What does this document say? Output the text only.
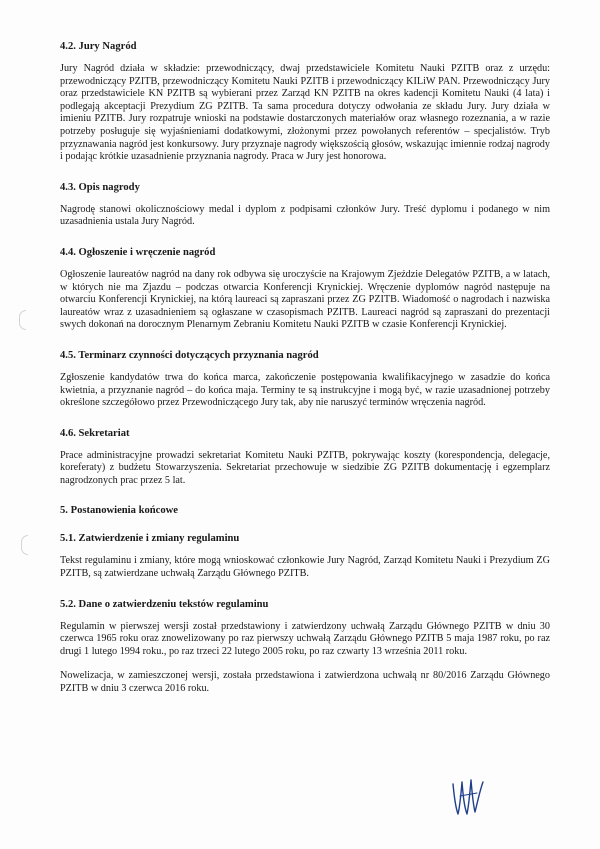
4.2. Jury Nagród

Jury Nagród działa w składzie: przewodniczący, dwaj przedstawiciele Komitetu Nauki PZITB oraz z urzędu: przewodniczący PZITB, przewodniczący Komitetu Nauki PZITB i przewodniczący KILiW PAN. Przewodniczący Jury oraz przedstawiciele KN PZITB są wybierani przez Zarząd KN PZITB na okres kadencji Komitetu Nauki (4 lata) i podlegają akceptacji Prezydium ZG PZITB. Ta sama procedura dotyczy odwołania ze składu Jury. Jury działa w imieniu PZITB. Jury rozpatruje wnioski na podstawie dostarczonych materiałów oraz własnego rozeznania, a w razie potrzeby posługuje się wyjaśnieniami dodatkowymi, złożonymi przez powołanych referentów – specjalistów. Tryb przyznawania nagród jest konkursowy. Jury przyznaje nagrody większością głosów, wskazując imiennie rodzaj nagrody i podając krótkie uzasadnienie przyznania nagrody. Praca w Jury jest honorowa.

4.3. Opis nagrody

Nagrodę stanowi okolicznościowy medal i dyplom z podpisami członków Jury. Treść dyplomu i podanego w nim uzasadnienia ustala Jury Nagród.

4.4. Ogłoszenie i wręczenie nagród

Ogłoszenie laureatów nagród na dany rok odbywa się uroczyście na Krajowym Zjeździe Delegatów PZITB, a w latach, w których nie ma Zjazdu – podczas otwarcia Konferencji Krynickiej. Wręczenie dyplomów nagród następuje na otwarciu Konferencji Krynickiej, na którą laureaci są zapraszani przez ZG PZITB. Wiadomość o nagrodach i nazwiska laureatów wraz z uzasadnieniem są ogłaszane w czasopismach PZITB. Laureaci nagród są zapraszani do prezentacji swych dokonań na dorocznym Plenarnym Zebraniu Komitetu Nauki PZITB w czasie Konferencji Krynickiej.

4.5. Terminarz czynności dotyczących przyznania nagród

Zgłoszenie kandydatów trwa do końca marca, zakończenie postępowania kwalifikacyjnego w zasadzie do końca kwietnia, a przyznanie nagród – do końca maja. Terminy te są instrukcyjne i mogą być, w razie uzasadnionej potrzeby określone szczegółowo przez Przewodniczącego Jury tak, aby nie naruszyć terminów wręczenia nagród.

4.6. Sekretariat

Prace administracyjne prowadzi sekretariat Komitetu Nauki PZITB, pokrywając koszty (korespondencja, delegacje, koreferaty) z budżetu Stowarzyszenia. Sekretariat przechowuje w siedzibie ZG PZITB dokumentację i egzemplarz nagrodzonych prac przez 5 lat.

5. Postanowienia końcowe

5.1. Zatwierdzenie i zmiany regulaminu

Tekst regulaminu i zmiany, które mogą wnioskować członkowie Jury Nagród, Zarząd Komitetu Nauki i Prezydium ZG PZITB, są zatwierdzane uchwałą Zarządu Głównego PZITB.

5.2. Dane o zatwierdzeniu tekstów regulaminu

Regulamin w pierwszej wersji został przedstawiony i zatwierdzony uchwałą Zarządu Głównego PZITB w dniu 30 czerwca 1965 roku oraz znowelizowany po raz pierwszy uchwałą Zarządu Głównego PZITB 5 maja 1987 roku, po raz drugi 1 lutego 1994 roku., po raz trzeci 22 lutego 2005 roku, po raz czwarty 13 września 2011 roku.

Nowelizacja, w zamieszczonej wersji, została przedstawiona i zatwierdzona uchwałą nr 80/2016 Zarządu Głównego PZITB w dniu 3 czerwca 2016 roku.
